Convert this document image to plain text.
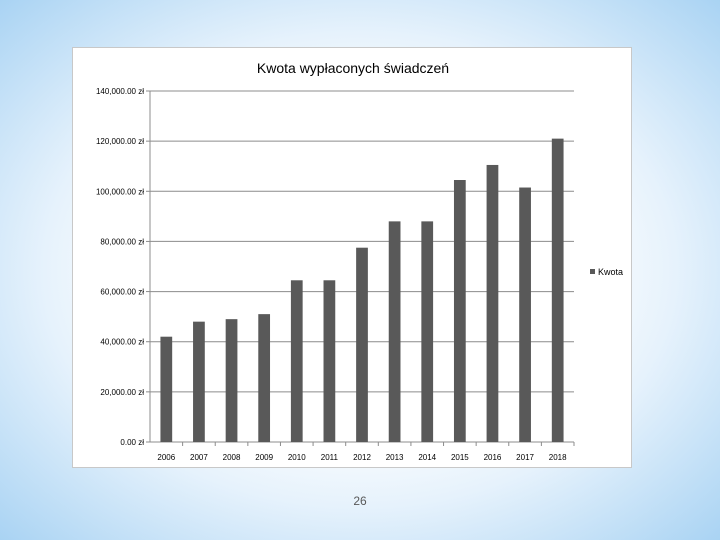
Kwota wypłaconych świadczeń
0.00 zł
20,000.00 zł
40,000.00 zł
60,000.00 zł
80,000.00 zł
100,000.00 zł
120,000.00 zł
140,000.00 zł
2006 2007 2008 2009 2010 2011 2012 2013 2014 2015 2016 2017 2018
Kwota
26
